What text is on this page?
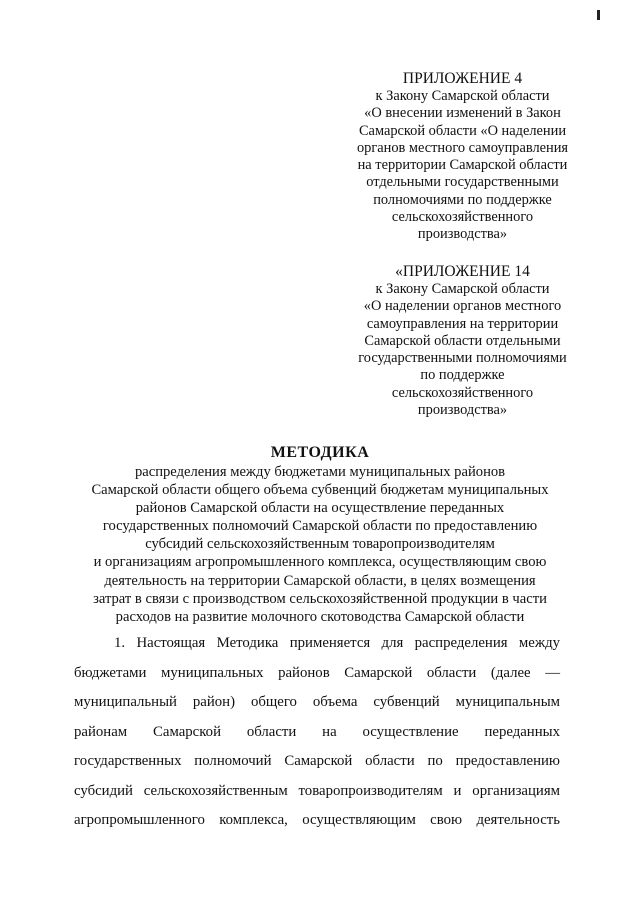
ПРИЛОЖЕНИЕ 4
к Закону Самарской области
«О внесении изменений в Закон
Самарской области «О наделении
органов местного самоуправления
на территории Самарской области
отдельными государственными
полномочиями по поддержке
сельскохозяйственного
производства»
«ПРИЛОЖЕНИЕ 14
к Закону Самарской области
«О наделении органов местного
самоуправления на территории
Самарской области отдельными
государственными полномочиями
по поддержке
сельскохозяйственного
производства»
МЕТОДИКА
распределения между бюджетами муниципальных районов
Самарской области общего объема субвенций бюджетам муниципальных
районов Самарской области на осуществление переданных
государственных полномочий Самарской области по предоставлению
субсидий сельскохозяйственным товаропроизводителям
и организациям агропромышленного комплекса, осуществляющим свою
деятельность на территории Самарской области, в целях возмещения
затрат в связи с производством сельскохозяйственной продукции в части
расходов на развитие молочного скотоводства Самарской области
1. Настоящая Методика применяется для распределения между
бюджетами муниципальных районов Самарской области (далее —
муниципальный район) общего объема субвенций муниципальным
районам Самарской области на осуществление переданных
государственных полномочий Самарской области по предоставлению
субсидий сельскохозяйственным товаропроизводителям и организациям
агропромышленного комплекса, осуществляющим свою деятельность
